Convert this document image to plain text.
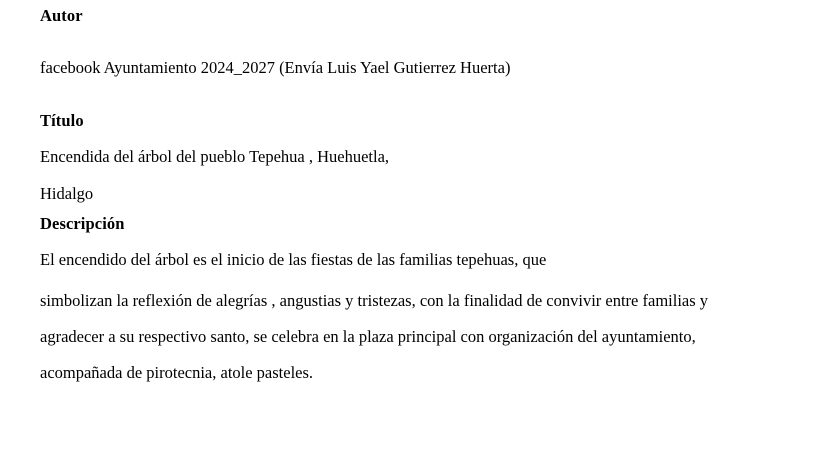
Autor
facebook Ayuntamiento 2024_2027 (Envía Luis Yael Gutierrez Huerta)
Título
Encendida del árbol del pueblo Tepehua , Huehuetla,
Hidalgo
Descripción
El encendido del árbol es el inicio de las fiestas de las familias tepehuas, que
simbolizan la reflexión de alegrías , angustias y tristezas, con la finalidad de convivir entre familias y
agradecer a su respectivo santo, se celebra en la plaza principal con organización del ayuntamiento,
acompañada de pirotecnia, atole pasteles.
